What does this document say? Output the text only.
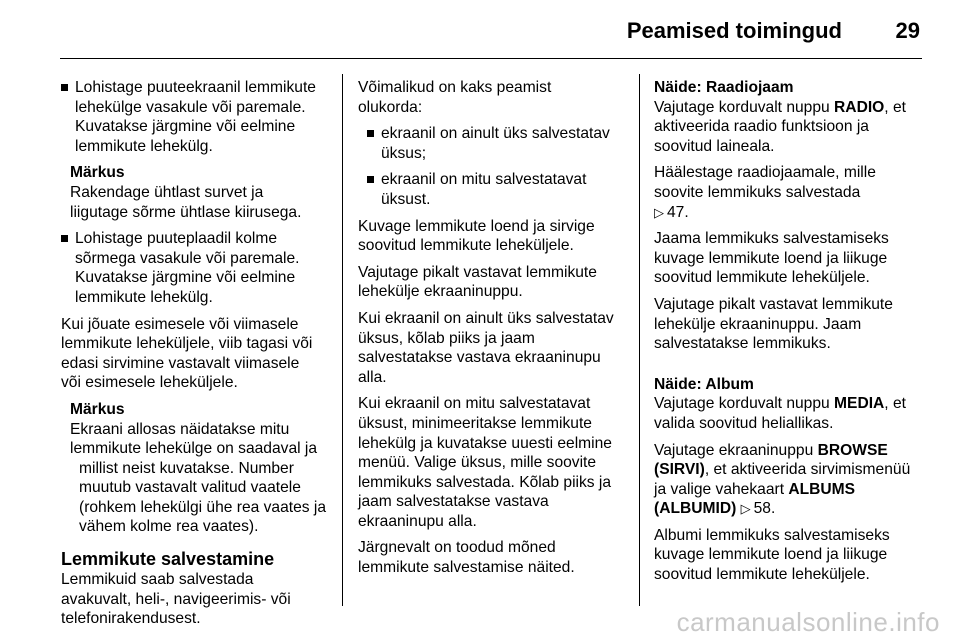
Peamised toimingud 29
Lohistage puuteekraanil lemmikute
lehekülge vasakule või paremale.
Kuvatakse järgmine või eelmine
lemmikute lehekülg.
Märkus
Rakendage ühtlast survet ja
liigutage sõrme ühtlase kiirusega.
Lohistage puuteplaadil kolme
sõrmega vasakule või paremale.
Kuvatakse järgmine või eelmine
lemmikute lehekülg.

Kui jõuate esimesele või viimasele
lemmikute leheküljele, viib tagasi või
edasi sirvimine vastavalt viimasele
või esimesele leheküljele.

Märkus
Ekraani allosas näidatakse mitu
lemmikute lehekülge on saadaval ja

millist neist kuvatakse. Number
muutub vastavalt valitud vaatele
(rohkem lehekülgi ühe rea vaates ja
vähem kolme rea vaates).
Lemmikute salvestamine

Lemmikuid saab salvestada
avakuvalt, heli-, navigeerimis- või
telefonirakendusest.

Võimalikud on kaks peamist
olukorda:

ekraanil on ainult üks salvestatav
üksus;
ekraanil on mitu salvestatavat
üksust.

Kuvage lemmikute loend ja sirvige
soovitud lemmikute leheküljele.

Vajutage pikalt vastavat lemmikute
lehekülje ekraaninuppu.

Kui ekraanil on ainult üks salvestatav
üksus, kõlab piiks ja jaam
salvestatakse vastava ekraaninupu
alla.

Kui ekraanil on mitu salvestatavat
üksust, minimeeritakse lemmikute
lehekülg ja kuvatakse uuesti eelmine
menüü. Valige üksus, mille soovite
lemmikuks salvestada. Kõlab piiks ja
jaam salvestatakse vastava
ekraaninupu alla.

Järgnevalt on toodud mõned
lemmikute salvestamise näited.

Näide: Raadiojaam
Vajutage korduvalt nuppu RADIO, et
aktiveerida raadio funktsioon ja
soovitud laineala.

Häälestage raadiojaamale, mille
soovite lemmikuks salvestada
▷ 47.

Jaama lemmikuks salvestamiseks
kuvage lemmikute loend ja liikuge
soovitud lemmikute leheküljele.

Vajutage pikalt vastavat lemmikute
lehekülje ekraaninuppu. Jaam
salvestatakse lemmikuks.

Näide: Album
Vajutage korduvalt nuppu MEDIA, et
valida soovitud heliallikas.

Vajutage ekraaninuppu BROWSE
(SIRVI), et aktiveerida sirvimismenüü
ja valige vahekaart ALBUMS
(ALBUMID) ▷ 58.

Albumi lemmikuks salvestamiseks
kuvage lemmikute loend ja liikuge
soovitud lemmikute leheküljele.

carmanualsonline.info
